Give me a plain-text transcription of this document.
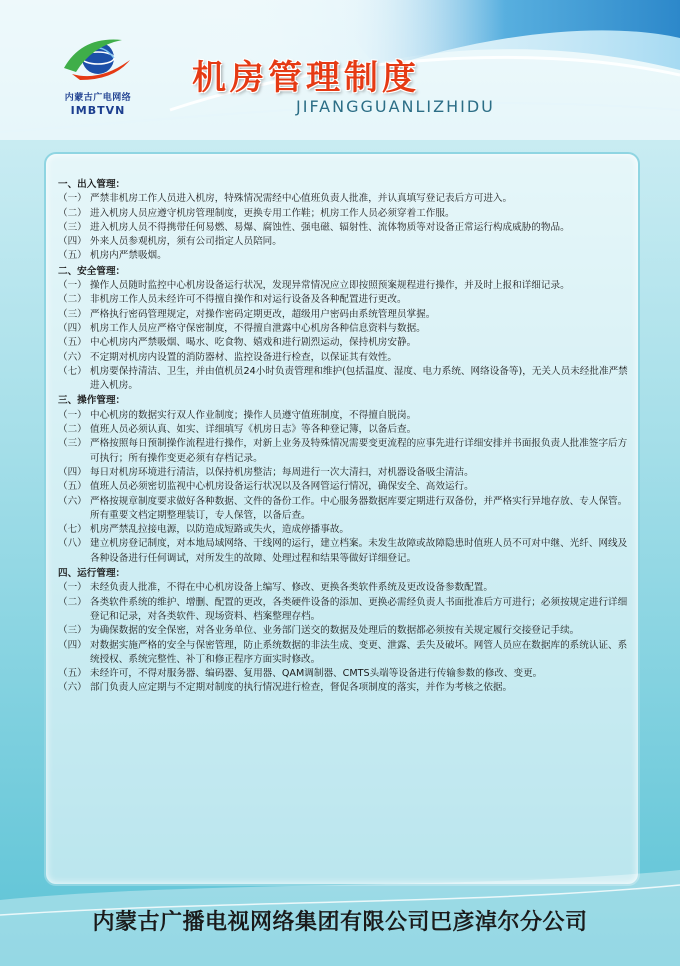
内蒙古广电网络
IMBTVN
机房管理制度
JIFANGGUANLIZHIDU
一、出入管理：
（一） 严禁非机房工作人员进入机房，特殊情况需经中心值班负责人批准，并认真填写登记表后方可进入。
（二） 进入机房人员应遵守机房管理制度，更换专用工作鞋；机房工作人员必须穿着工作服。
（三） 进入机房人员不得携带任何易燃、易爆、腐蚀性、强电磁、辐射性、流体物质等对设备正常运行构成威胁的物品。
（四） 外来人员参观机房，须有公司指定人员陪同。
（五） 机房内严禁吸烟。
二、安全管理：
（一） 操作人员随时监控中心机房设备运行状况，发现异常情况应立即按照预案规程进行操作，并及时上报和详细记录。
（二） 非机房工作人员未经许可不得擅自操作和对运行设备及各种配置进行更改。
（三） 严格执行密码管理规定，对操作密码定期更改，超级用户密码由系统管理员掌握。
（四） 机房工作人员应严格守保密制度，不得擅自泄露中心机房各种信息资料与数据。
（五） 中心机房内严禁吸烟、喝水、吃食物、嬉戏和进行剧烈运动，保持机房安静。
（六） 不定期对机房内设置的消防器材、监控设备进行检查，以保证其有效性。
（七） 机房要保持清洁、卫生，并由值机员24小时负责管理和维护(包括温度、湿度、电力系统、网络设备等)，无关人员未经批准严禁进入机房。
三、操作管理：
（一） 中心机房的数据实行双人作业制度；操作人员遵守值班制度，不得擅自脱岗。
（二） 值班人员必须认真、如实、详细填写《机房日志》等各种登记簿，以备后查。
（三） 严格按照每日预制操作流程进行操作，对新上业务及特殊情况需要变更流程的应事先进行详细安排并书面报负责人批准签字后方可执行；所有操作变更必须有存档记录。
（四） 每日对机房环境进行清洁，以保持机房整洁；每周进行一次大清扫，对机器设备吸尘清洁。
（五） 值班人员必须密切监视中心机房设备运行状况以及各网管运行情况，确保安全、高效运行。
（六） 严格按规章制度要求做好各种数据、文件的备份工作。中心服务器数据库要定期进行双备份，并严格实行异地存放、专人保管。所有重要文档定期整理装订，专人保管，以备后查。
（七） 机房严禁乱拉接电源，以防造成短路或失火，造成停播事故。
（八） 建立机房登记制度，对本地局域网络、干线网的运行，建立档案。未发生故障或故障隐患时值班人员不可对中继、光纤、网线及各种设备进行任何调试，对所发生的故障、处理过程和结果等做好详细登记。
四、运行管理：
（一） 未经负责人批准，不得在中心机房设备上编写、修改、更换各类软件系统及更改设备参数配置。
（二） 各类软件系统的维护、增删、配置的更改，各类硬件设备的添加、更换必需经负责人书面批准后方可进行；必须按规定进行详细登记和记录，对各类软件、现场资料、档案整理存档。
（三） 为确保数据的安全保密，对各业务单位、业务部门送交的数据及处理后的数据都必须按有关规定履行交接登记手续。
（四） 对数据实施严格的安全与保密管理，防止系统数据的非法生成、变更、泄露、丢失及破坏。网管人员应在数据库的系统认证、系统授权、系统完整性、补丁和修正程序方面实时修改。
（五） 未经许可，不得对服务器、编码器、复用器、QAM调制器、CMTS头端等设备进行传输参数的修改、变更。
（六） 部门负责人应定期与不定期对制度的执行情况进行检查，督促各项制度的落实，并作为考核之依据。
内蒙古广播电视网络集团有限公司巴彦淖尔分公司
